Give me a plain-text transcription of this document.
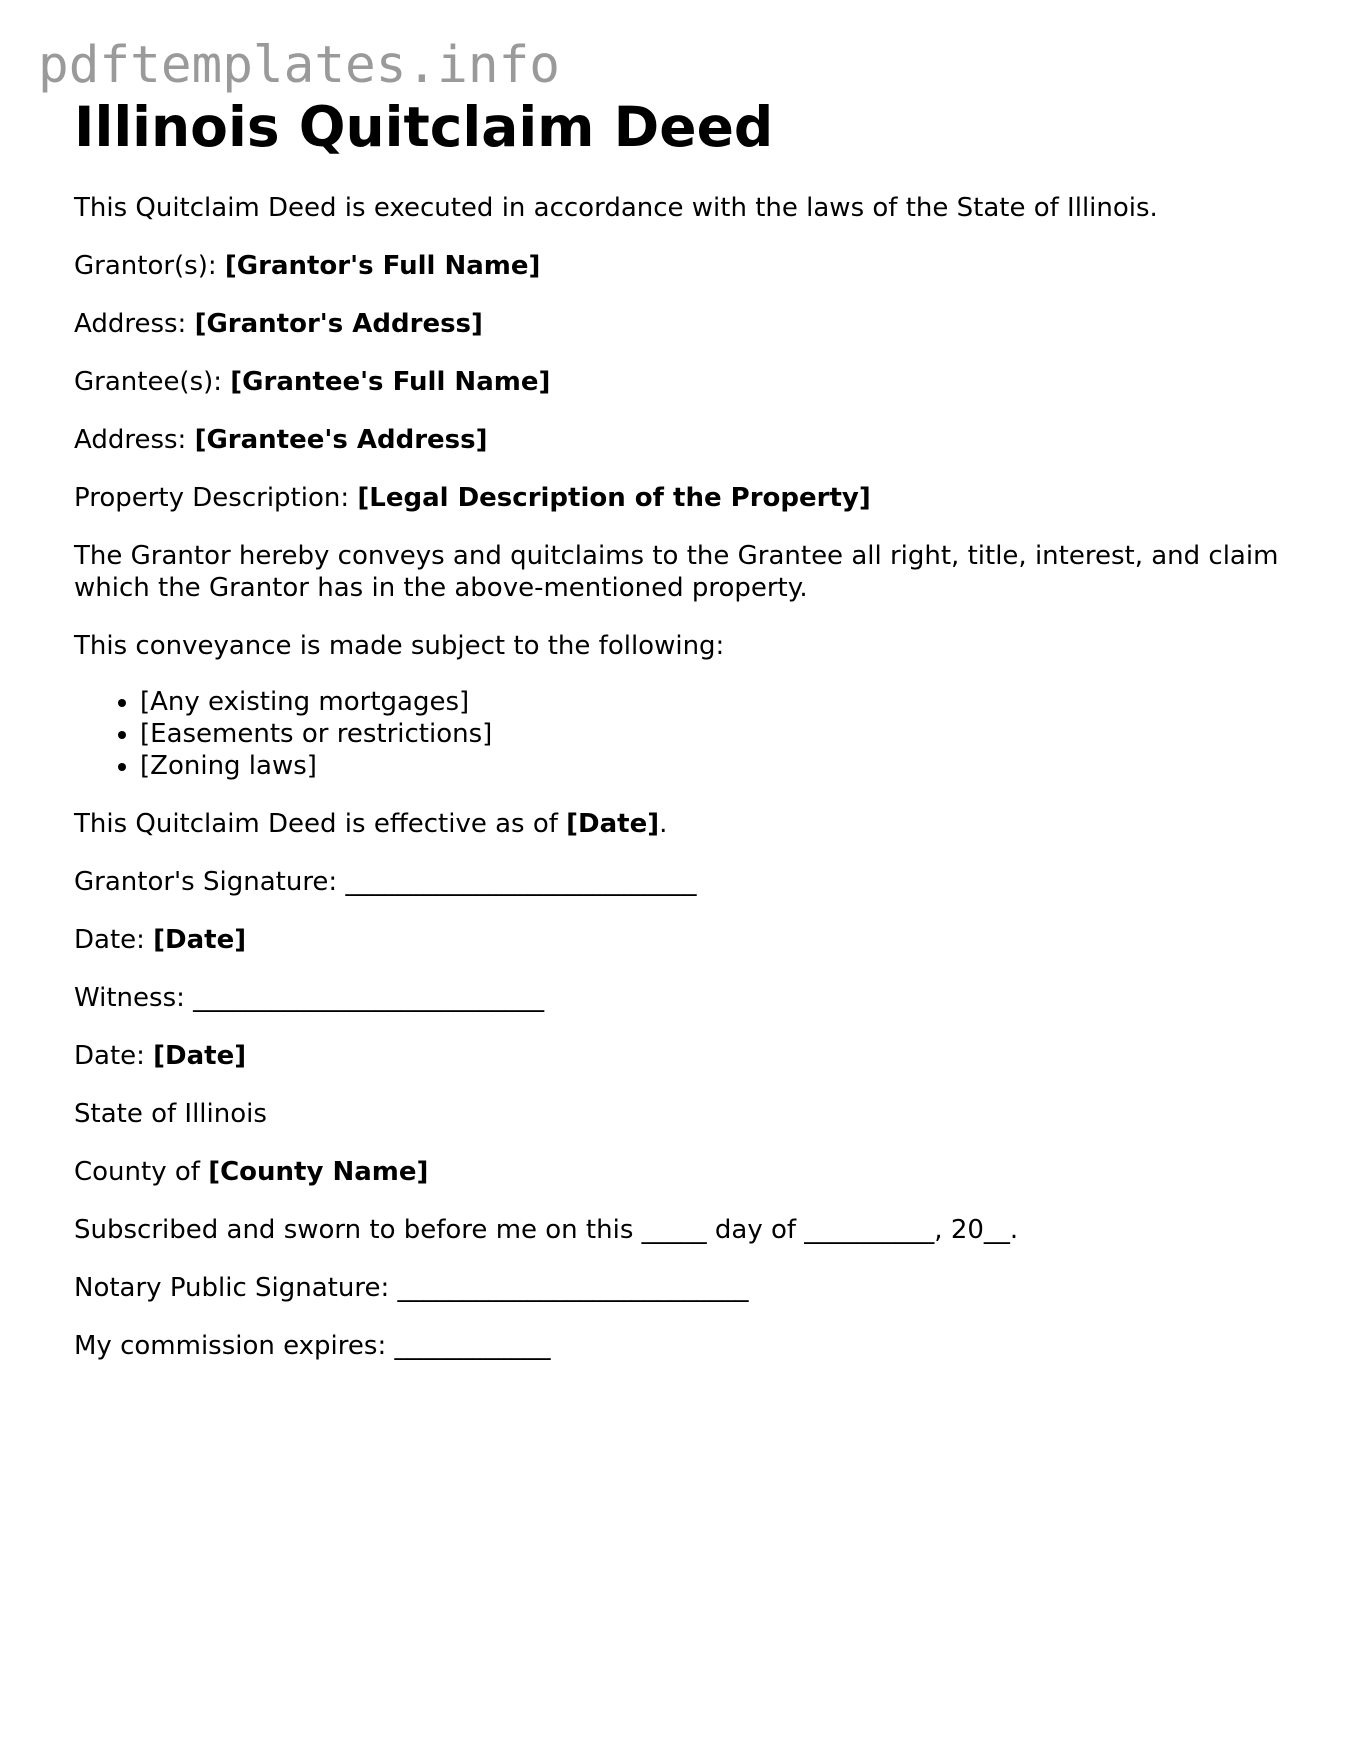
pdftemplates.info
Illinois Quitclaim Deed

This Quitclaim Deed is executed in accordance with the laws of the State of Illinois.

Grantor(s): [Grantor's Full Name]

Address: [Grantor's Address]

Grantee(s): [Grantee's Full Name]

Address: [Grantee's Address]

Property Description: [Legal Description of the Property]

The Grantor hereby conveys and quitclaims to the Grantee all right, title, interest, and claim which the Grantor has in the above-mentioned property.

This conveyance is made subject to the following:

• [Any existing mortgages]
• [Easements or restrictions]
• [Zoning laws]

This Quitclaim Deed is effective as of [Date].

Grantor's Signature: ___________________________

Date: [Date]

Witness: ___________________________

Date: [Date]

State of Illinois

County of [County Name]

Subscribed and sworn to before me on this _____ day of __________, 20__.

Notary Public Signature: ___________________________

My commission expires: ____________
